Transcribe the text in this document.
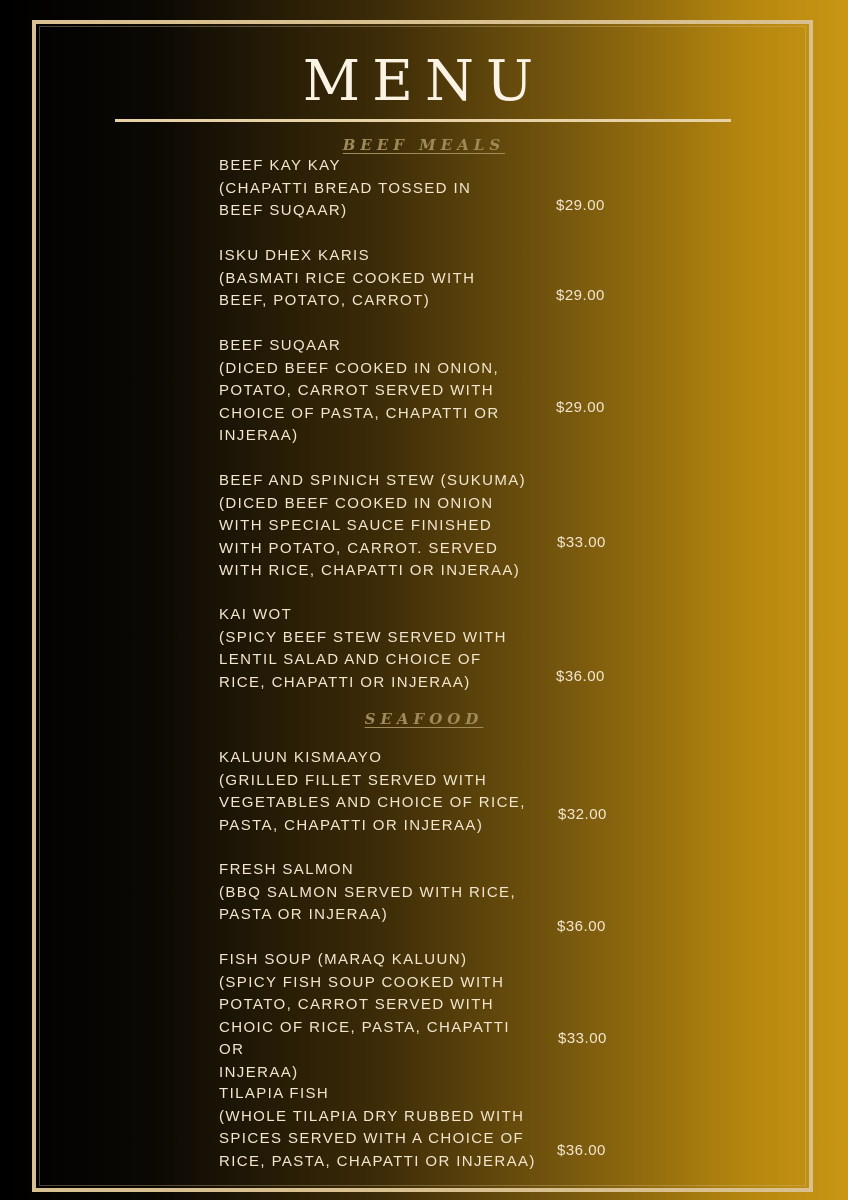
MENU
BEEF MEALS
BEEF KAY KAY
(CHAPATTI BREAD TOSSED IN
BEEF SUQAAR)	$29.00
ISKU DHEX KARIS
(BASMATI RICE COOKED WITH
BEEF, POTATO, CARROT)	$29.00
BEEF SUQAAR
(DICED BEEF COOKED IN ONION,
POTATO, CARROT SERVED WITH
CHOICE OF PASTA, CHAPATTI OR
INJERAA)
$29.00
BEEF AND SPINICH STEW (SUKUMA)
(DICED BEEF COOKED IN ONION
WITH SPECIAL SAUCE FINISHED
WITH POTATO, CARROT. SERVED
WITH RICE, CHAPATTI OR INJERAA)
$33.00
KAI WOT
(SPICY BEEF STEW SERVED WITH
LENTIL SALAD AND CHOICE OF
RICE, CHAPATTI OR INJERAA)	$36.00
SEAFOOD
KALUUN KISMAAYO
(GRILLED FILLET SERVED WITH
VEGETABLES AND CHOICE OF RICE,
PASTA, CHAPATTI OR INJERAA)
$32.00
FRESH SALMON
(BBQ SALMON SERVED WITH RICE,
PASTA OR INJERAA)
$36.00
FISH SOUP (MARAQ KALUUN)
(SPICY FISH SOUP COOKED WITH
POTATO, CARROT SERVED WITH
CHOIC OF RICE, PASTA, CHAPATTI OR
INJERAA)
$33.00
TILAPIA FISH
(WHOLE TILAPIA DRY RUBBED WITH
SPICES SERVED WITH A CHOICE OF
RICE, PASTA, CHAPATTI OR INJERAA)
$36.00
